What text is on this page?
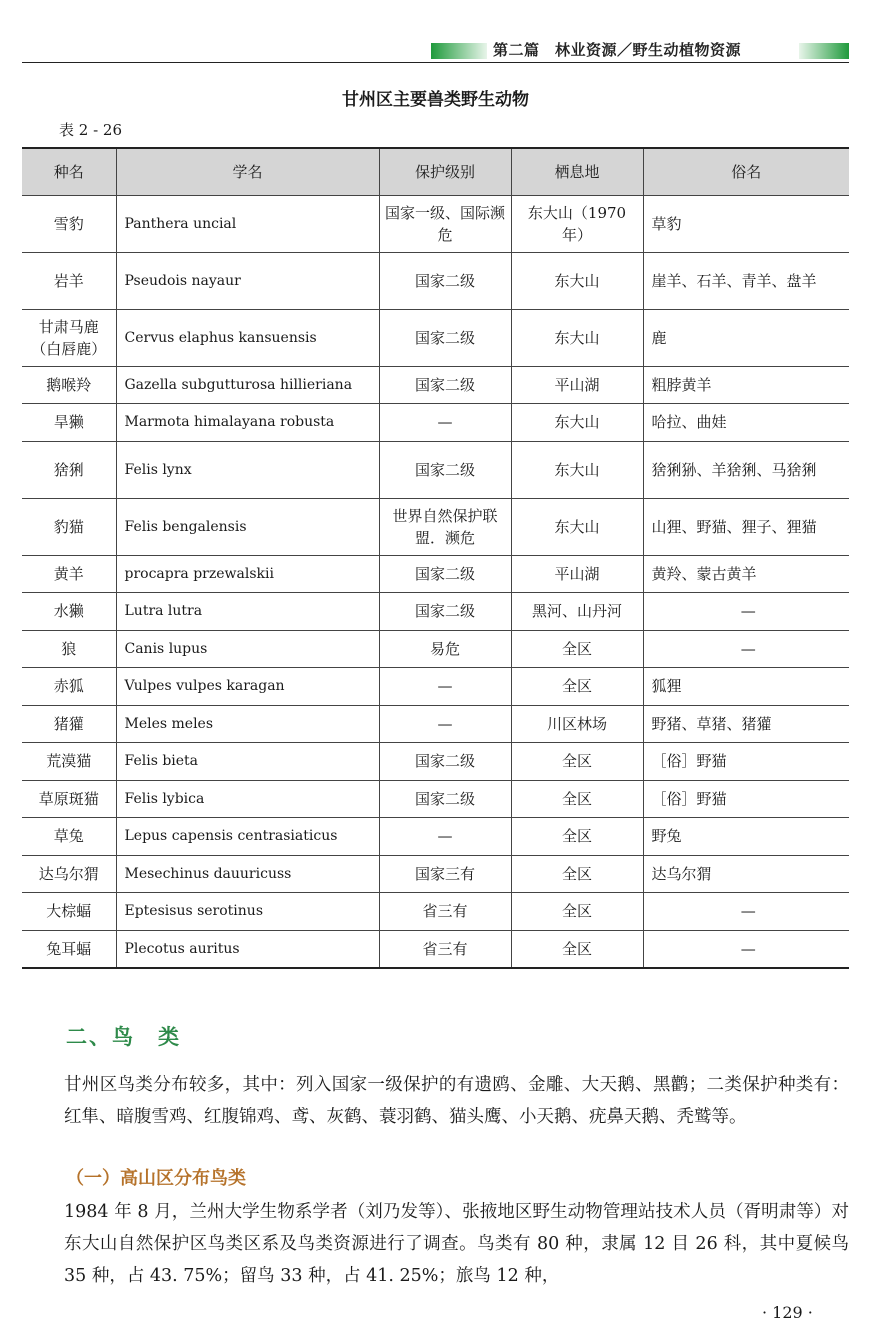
第二篇　林业资源／野生动植物资源
甘州区主要兽类野生动物
表 2 - 26
种名	学名	保护级别	栖息地	俗名
雪豹	Panthera uncial	国家一级、国际濒危	东大山（1970 年）	草豹
岩羊	Pseudois nayaur	国家二级	东大山	崖羊、石羊、青羊、盘羊
甘肃马鹿（白唇鹿）	Cervus elaphus kansuensis	国家二级	东大山	鹿
鹅喉羚	Gazella subgutturosa hillieriana	国家二级	平山湖	粗脖黄羊
旱獭	Marmota himalayana robusta	—	东大山	哈拉、曲娃
猞猁	Felis lynx	国家二级	东大山	猞猁狲、羊猞猁、马猞猁
豹猫	Felis bengalensis	世界自然保护联盟．濒危	东大山	山狸、野猫、狸子、狸猫
黄羊	procapra przewalskii	国家二级	平山湖	黄羚、蒙古黄羊
水獭	Lutra lutra	国家二级	黑河、山丹河	—
狼	Canis lupus	易危	全区	—
赤狐	Vulpes vulpes karagan	—	全区	狐狸
猪獾	Meles meles	—	川区林场	野猪、草猪、猪獾
荒漠猫	Felis bieta	国家二级	全区	［俗］野猫
草原斑猫	Felis lybica	国家二级	全区	［俗］野猫
草兔	Lepus capensis centrasiaticus	—	全区	野兔
达乌尔猬	Mesechinus dauuricuss	国家三有	全区	达乌尔猬
大棕蝠	Eptesisus serotinus	省三有	全区	—
兔耳蝠	Plecotus auritus	省三有	全区	—
二、鸟　类
甘州区鸟类分布较多，其中：列入国家一级保护的有遗鸥、金雕、大天鹅、黑鹳；二类保护种类有：红隼、暗腹雪鸡、红腹锦鸡、鸢、灰鹤、蓑羽鹤、猫头鹰、小天鹅、疣鼻天鹅、秃鹫等。
（一）高山区分布鸟类
1984 年 8 月，兰州大学生物系学者（刘乃发等）、张掖地区野生动物管理站技术人员（胥明肃等）对东大山自然保护区鸟类区系及鸟类资源进行了调查。鸟类有 80 种，隶属 12 目 26 科，其中夏候鸟 35 种，占 43. 75%；留鸟 33 种，占 41. 25%；旅鸟 12 种，
· 129 ·
